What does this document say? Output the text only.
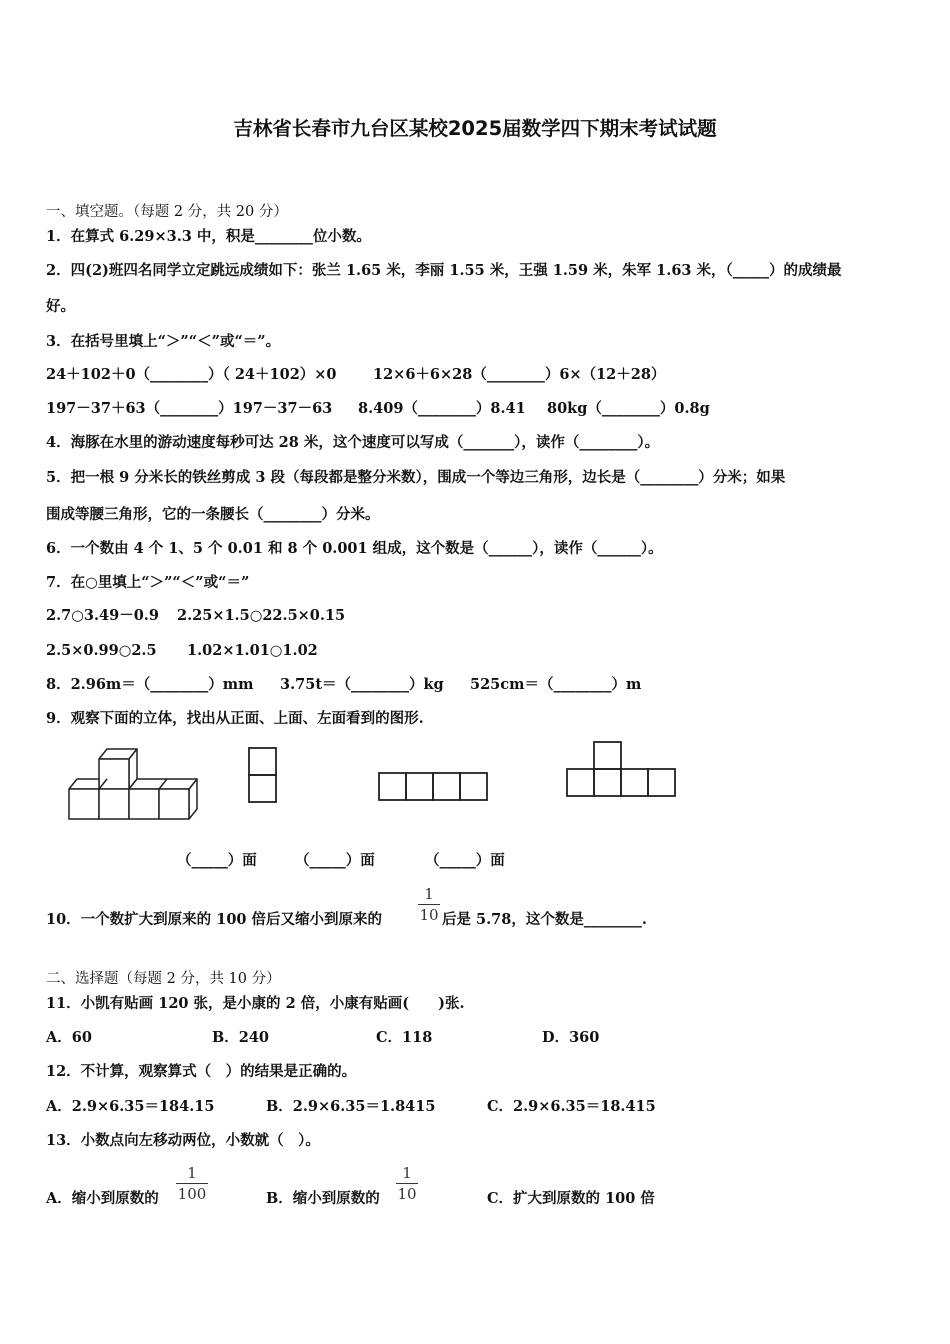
吉林省长春市九台区某校2025届数学四下期末考试试题
一、填空题。（每题 2 分，共 20 分）
1．在算式 6.29×3.3 中，积是________位小数。
2．四(2)班四名同学立定跳远成绩如下：张兰 1.65 米，李丽 1.55 米，王强 1.59 米，朱军 1.63 米，（_____）的成绩最
好。
3．在括号里填上“＞”“＜”或“＝”。
24＋102＋0（________）（ 24＋102）×0	12×6＋6×28（________）6×（12＋28）
197－37＋63（________）197－37－63 8.409（________）8.41 80kg（________）0.8g
4．海豚在水里的游动速度每秒可达 28 米，这个速度可以写成（_______），读作（________）。
5．把一根 9 分米长的铁丝剪成 3 段（每段都是整分米数），围成一个等边三角形，边长是（________）分米；如果
围成等腰三角形，它的一条腰长（________）分米。
6．一个数由 4 个 1、5 个 0.01 和 8 个 0.001 组成，这个数是（______），读作（______）。
7．在○里填上“＞”“＜”或“＝”
2.7○3.49－0.9 2.25×1.5○22.5×0.15
2.5×0.99○2.5 1.02×1.01○1.02
8．2.96m＝（________）mm 3.75t＝（________）kg 525cm＝（________）m
9．观察下面的立体，找出从正面、上面、左面看到的图形.
（_____）面	（_____）面	（_____）面
10．一个数扩大到原来的 100 倍后又缩小到原来的
1
10 后是 5.78，这个数是________.
二、选择题（每题 2 分，共 10 分）
11．小凯有贴画 120 张，是小康的 2 倍，小康有贴画(　　)张.
A．60	B．240	C．118	D．360
12．不计算，观察算式（　）的结果是正确的。
A．2.9×6.35＝184.15	B．2.9×6.35＝1.8415	C．2.9×6.35＝18.415
13．小数点向左移动两位，小数就（　）。
A．缩小到原数的
1
100	B．缩小到原数的
1
10	C．扩大到原数的 100 倍
